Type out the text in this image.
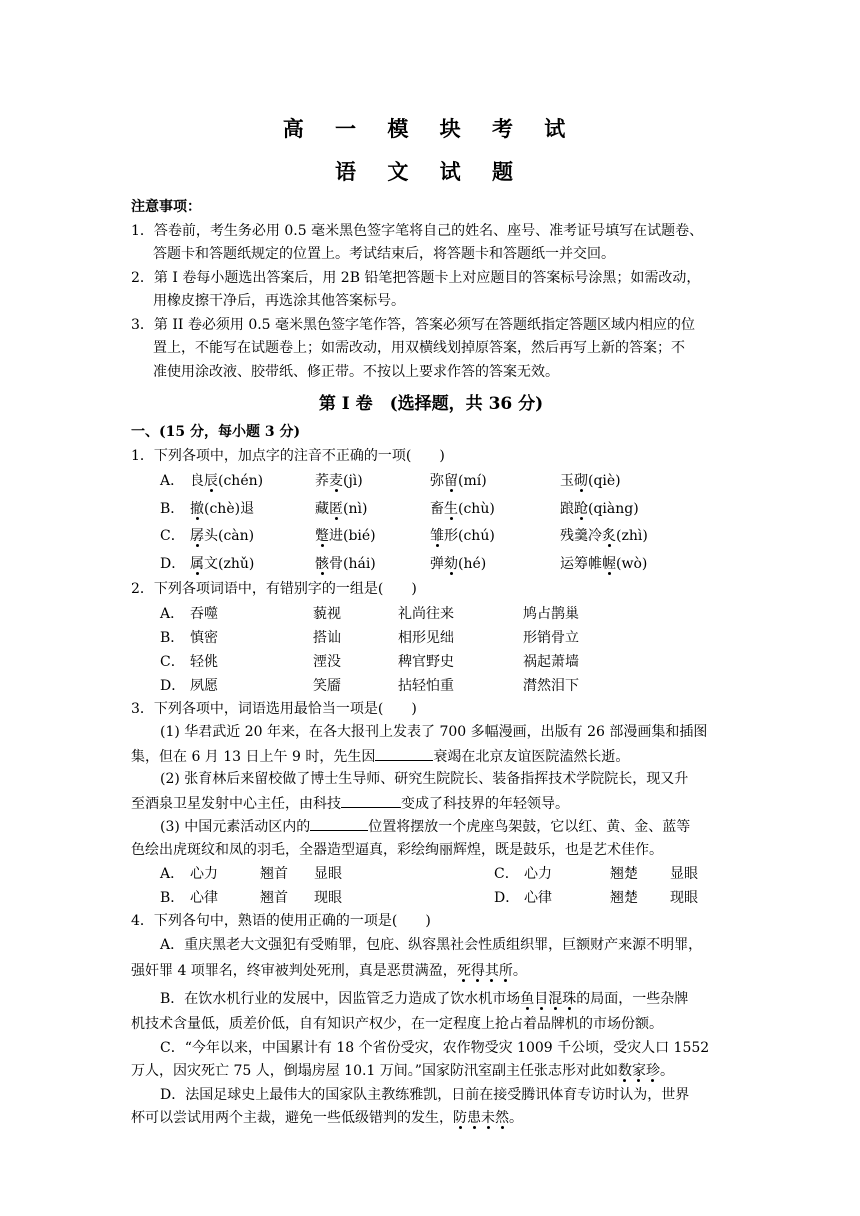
高 一 模 块 考 试
语 文 试 题
注意事项：
1．答卷前，考生务必用 0.5 毫米黑色签字笔将自己的姓名、座号、准考证号填写在试题卷、
答题卡和答题纸规定的位置上。考试结束后，将答题卡和答题纸一并交回。
2．第 I 卷每小题选出答案后，用 2B 铅笔把答题卡上对应题目的答案标号涂黑；如需改动，
用橡皮擦干净后，再选涂其他答案标号。
3．第 II 卷必须用 0.5 毫米黑色签字笔作答，答案必须写在答题纸指定答题区域内相应的位
置上，不能写在试题卷上；如需改动，用双横线划掉原答案，然后再写上新的答案；不
准使用涂改液、胶带纸、修正带。不按以上要求作答的答案无效。
第 I 卷　(选择题，共 36 分)
一、(15 分，每小题 3 分)
1．下列各项中，加点字的注音不正确的一项(　　)
A． 良辰(chén)	荞麦(jì)	弥留(mí)	玉砌(qiè)
B． 撤(chè)退	藏匿(nì)	畜生(chù)	踉跄(qiàng)
C． 孱头(càn)	蹩进(bié)	雏形(chú)	残羹冷炙(zhì)
D． 属文(zhǔ)	骸骨(hái)	弹劾(hé)	运筹帷幄(wò)
2．下列各项词语中，有错别字的一组是(　　)
A． 吞噬	藐视	礼尚往来	鸠占鹊巢
B． 慎密	搭讪	相形见绌	形销骨立
C． 轻佻	湮没	稗官野史	祸起萧墙
D． 夙愿	笑靥	拈轻怕重	潸然泪下
3．下列各项中，词语选用最恰当一项是(　　)
(1) 华君武近 20 年来，在各大报刊上发表了 700 多幅漫画，出版有 26 部漫画集和插图
集，但在 6 月 13 日上午 9 时，先生因	衰竭在北京友谊医院溘然长逝。
(2) 张育林后来留校做了博士生导师、研究生院院长、装备指挥技术学院院长，现又升
至酒泉卫星发射中心主任，由科技	变成了科技界的年轻领导。
(3) 中国元素活动区内的	位置将摆放一个虎座鸟架鼓，它以红、黄、金、蓝等
色绘出虎斑纹和凤的羽毛，全器造型逼真，彩绘绚丽辉煌，既是鼓乐，也是艺术佳作。
A． 心力	翘首	显眼	C． 心力	翘楚	显眼
B． 心律	翘首	现眼	D． 心律	翘楚	现眼
4．下列各句中，熟语的使用正确的一项是(　　)
A．重庆黑老大文强犯有受贿罪，包庇、纵容黑社会性质组织罪，巨额财产来源不明罪，
强奸罪 4 项罪名，终审被判处死刑，真是恶贯满盈，死得其所。
B．在饮水机行业的发展中，因监管乏力造成了饮水机市场鱼目混珠的局面，一些杂牌
机技术含量低，质差价低，自有知识产权少，在一定程度上抢占着品牌机的市场份额。
C．“今年以来，中国累计有 18 个省份受灾，农作物受灾 1009 千公顷，受灾人口 1552
万人，因灾死亡 75 人，倒塌房屋 10.1 万间。”国家防汛室副主任张志彤对此如数家珍。
D．法国足球史上最伟大的国家队主教练雅凯，日前在接受腾讯体育专访时认为，世界
杯可以尝试用两个主裁，避免一些低级错判的发生，防患未然。
